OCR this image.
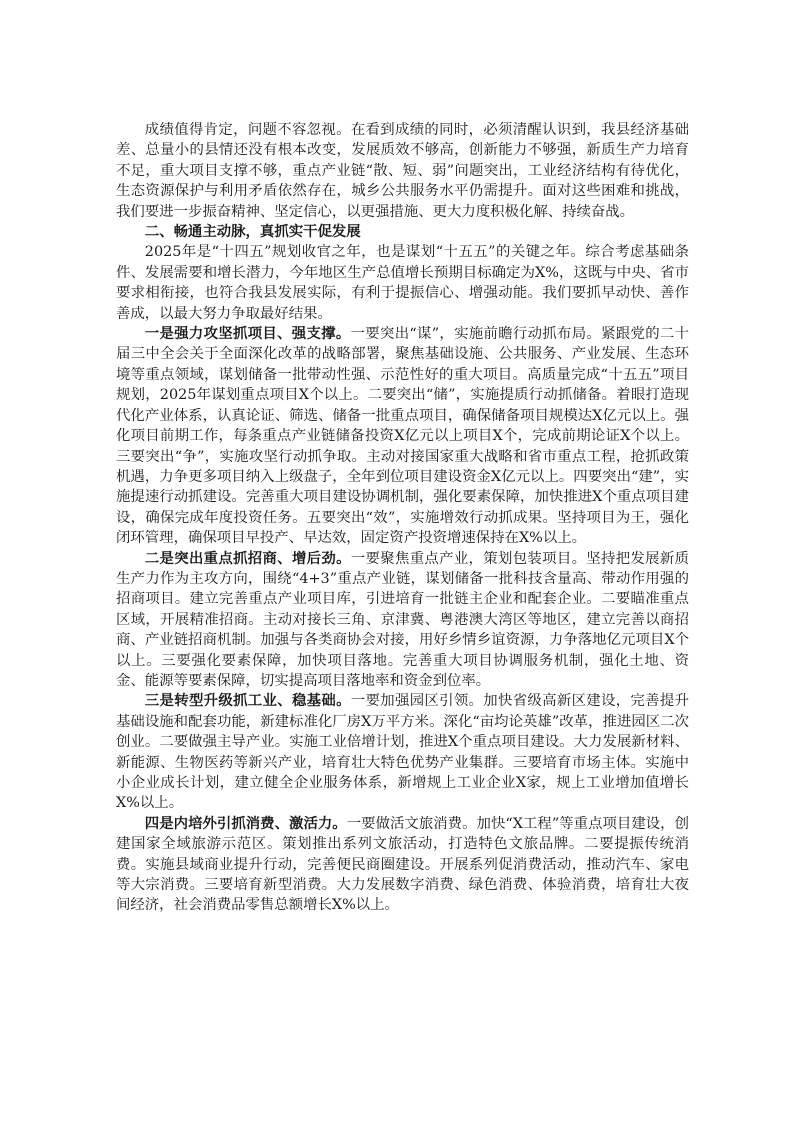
成绩值得肯定，问题不容忽视。在看到成绩的同时，必须清醒认识到，我县经济基础差、总量小的县情还没有根本改变，发展质效不够高，创新能力不够强，新质生产力培育不足，重大项目支撑不够，重点产业链“散、短、弱”问题突出，工业经济结构有待优化，生态资源保护与利用矛盾依然存在，城乡公共服务水平仍需提升。面对这些困难和挑战，我们要进一步振奋精神、坚定信心，以更强措施、更大力度积极化解、持续奋战。

二、畅通主动脉，真抓实干促发展

2025年是“十四五”规划收官之年，也是谋划“十五五”的关键之年。综合考虑基础条件、发展需要和增长潜力，今年地区生产总值增长预期目标确定为X%，这既与中央、省市要求相衔接，也符合我县发展实际，有利于提振信心、增强动能。我们要抓早动快、善作善成，以最大努力争取最好结果。

一是强力攻坚抓项目、强支撑。一要突出“谋”，实施前瞻行动抓布局。紧跟党的二十届三中全会关于全面深化改革的战略部署，聚焦基础设施、公共服务、产业发展、生态环境等重点领域，谋划储备一批带动性强、示范性好的重大项目。高质量完成“十五五”项目规划，2025年谋划重点项目X个以上。二要突出“储”，实施提质行动抓储备。着眼打造现代化产业体系，认真论证、筛选、储备一批重点项目，确保储备项目规模达X亿元以上。强化项目前期工作，每条重点产业链储备投资X亿元以上项目X个，完成前期论证X个以上。三要突出“争”，实施攻坚行动抓争取。主动对接国家重大战略和省市重点工程，抢抓政策机遇，力争更多项目纳入上级盘子，全年到位项目建设资金X亿元以上。四要突出“建”，实施提速行动抓建设。完善重大项目建设协调机制，强化要素保障，加快推进X个重点项目建设，确保完成年度投资任务。五要突出“效”，实施增效行动抓成果。坚持项目为王，强化闭环管理，确保项目早投产、早达效，固定资产投资增速保持在X%以上。

二是突出重点抓招商、增后劲。一要聚焦重点产业，策划包装项目。坚持把发展新质生产力作为主攻方向，围绕“4+3”重点产业链，谋划储备一批科技含量高、带动作用强的招商项目。建立完善重点产业项目库，引进培育一批链主企业和配套企业。二要瞄准重点区域，开展精准招商。主动对接长三角、京津冀、粤港澳大湾区等地区，建立完善以商招商、产业链招商机制。加强与各类商协会对接，用好乡情乡谊资源，力争落地亿元项目X个以上。三要强化要素保障，加快项目落地。完善重大项目协调服务机制，强化土地、资金、能源等要素保障，切实提高项目落地率和资金到位率。

三是转型升级抓工业、稳基础。一要加强园区引领。加快省级高新区建设，完善提升基础设施和配套功能，新建标准化厂房X万平方米。深化“亩均论英雄”改革，推进园区二次创业。二要做强主导产业。实施工业倍增计划，推进X个重点项目建设。大力发展新材料、新能源、生物医药等新兴产业，培育壮大特色优势产业集群。三要培育市场主体。实施中小企业成长计划，建立健全企业服务体系，新增规上工业企业X家，规上工业增加值增长X%以上。

四是内培外引抓消费、激活力。一要做活文旅消费。加快“X工程”等重点项目建设，创建国家全域旅游示范区。策划推出系列文旅活动，打造特色文旅品牌。二要提振传统消费。实施县域商业提升行动，完善便民商圈建设。开展系列促消费活动，推动汽车、家电等大宗消费。三要培育新型消费。大力发展数字消费、绿色消费、体验消费，培育壮大夜间经济，社会消费品零售总额增长X%以上。
